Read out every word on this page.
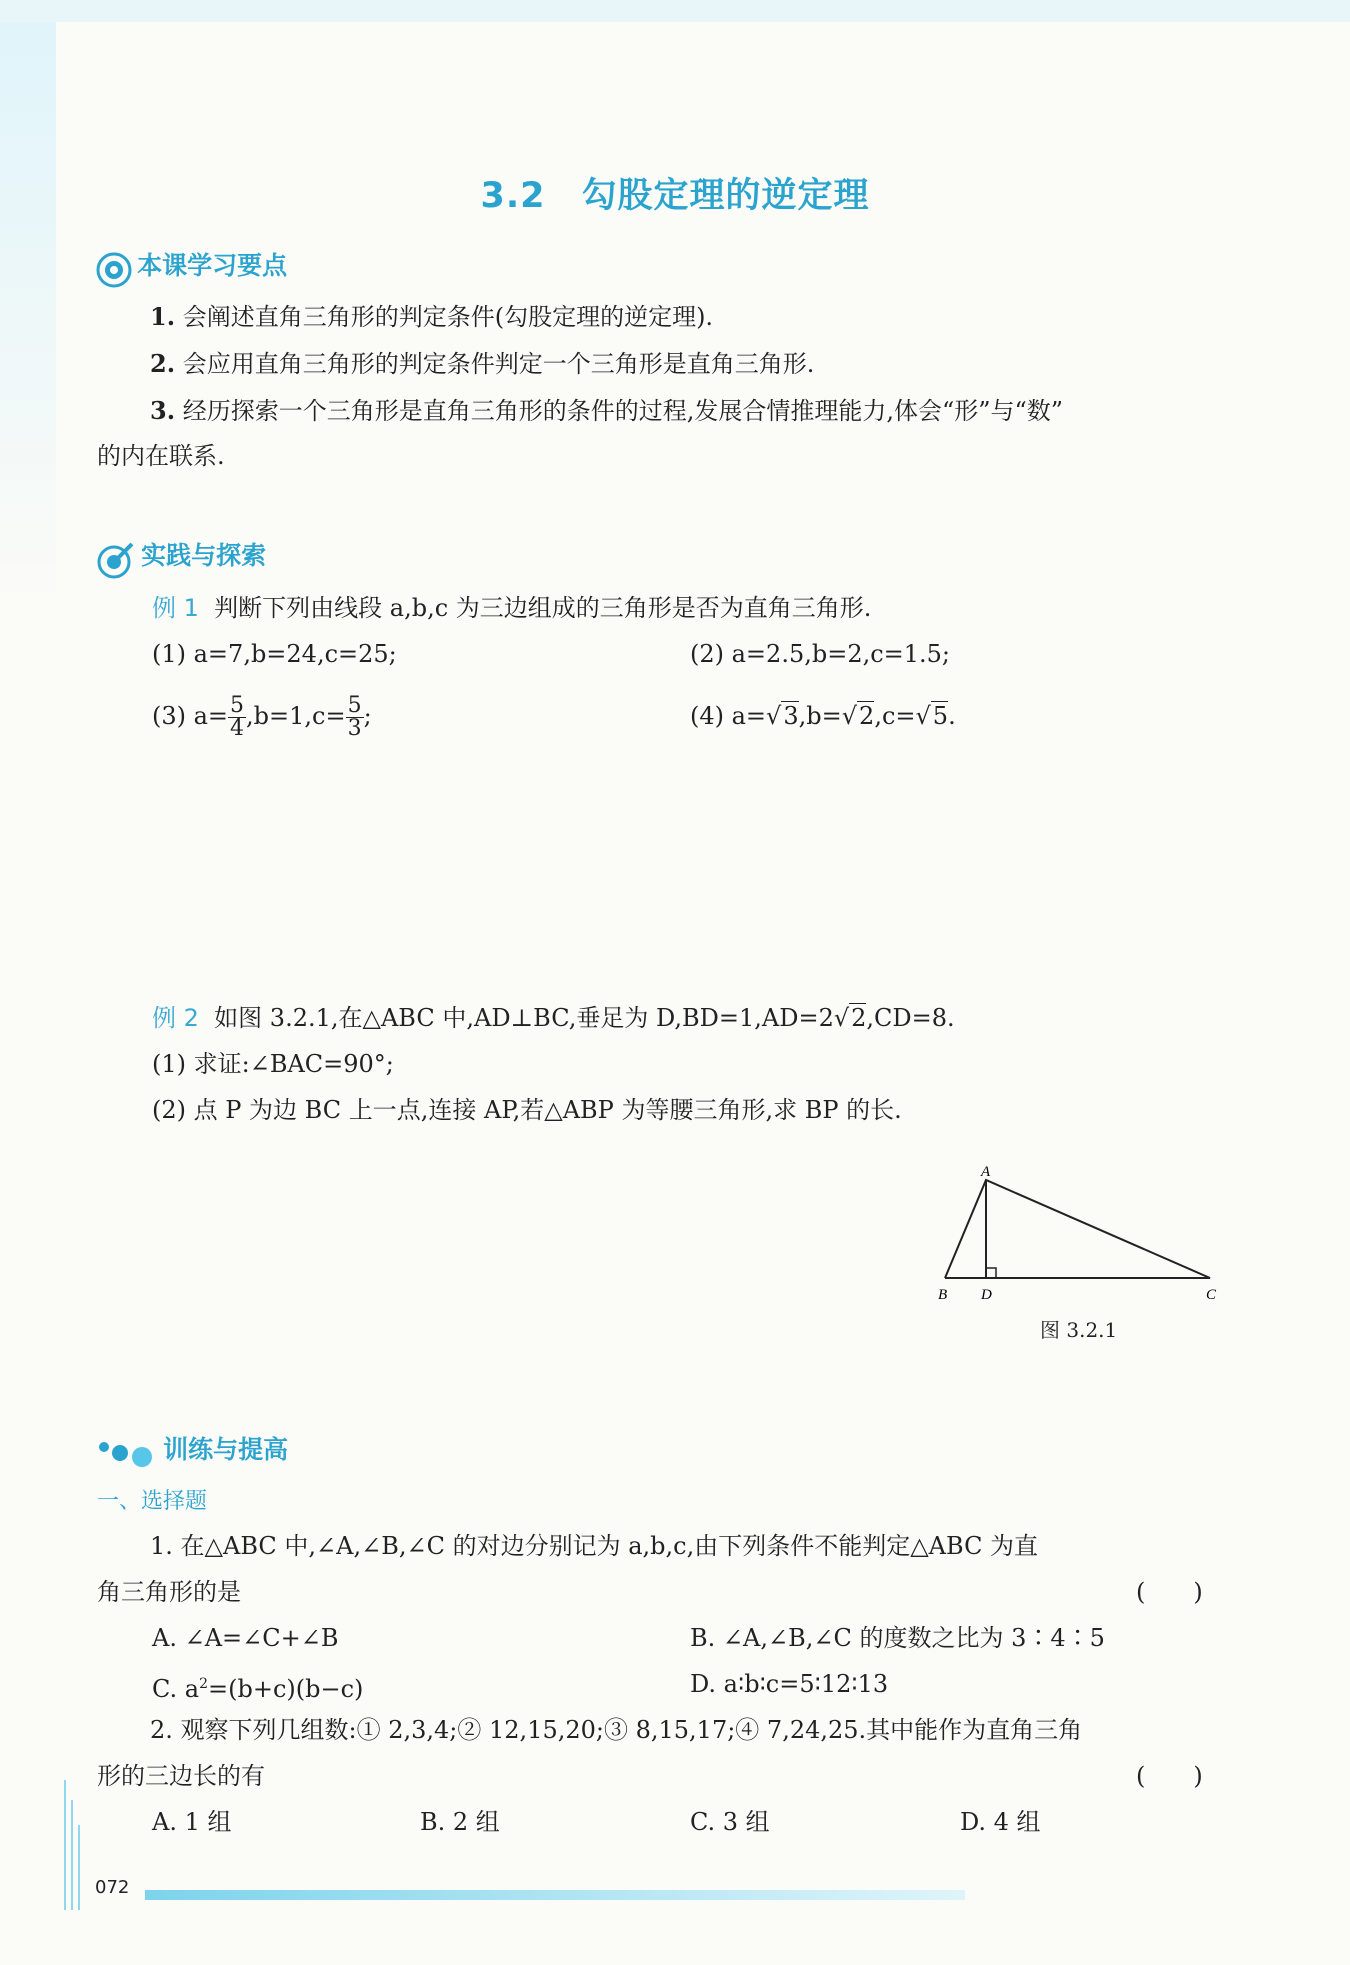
3.2 勾股定理的逆定理
本课学习要点
1. 会阐述直角三角形的判定条件(勾股定理的逆定理).
2. 会应用直角三角形的判定条件判定一个三角形是直角三角形.
3. 经历探索一个三角形是直角三角形的条件的过程,发展合情推理能力,体会“形”与“数”
的内在联系.
实践与探索
例 1 判断下列由线段 a,b,c 为三边组成的三角形是否为直角三角形.
(1) a=7,b=24,c=25;	(2) a=2.5,b=2,c=1.5;
(3) $a= \frac{5}{4} ,b=1,c= \frac{5}{3}$ ;	(4) a=√3,b=√2,c=√5.
例 2 如图 3.2.1,在△ABC 中,AD⊥BC,垂足为 D,BD=1,AD=2√2,CD=8.
(1) 求证:∠BAC=90°;
(2) 点 P 为边 BC 上一点,连接 AP,若△ABP 为等腰三角形,求 BP 的长.
A
B D	C
图 3.2.1
训练与提高
一、选择题
1. 在△ABC 中,∠A,∠B,∠C 的对边分别记为 a,b,c,由下列条件不能判定△ABC 为直
角三角形的是	(　　)
A. ∠A=∠C+∠B	B. ∠A,∠B,∠C 的度数之比为 3∶4∶5
C. $a^2=(b+c)(b-c)$	D. a∶b∶c=5∶12∶13
2. 观察下列几组数:① 2,3,4;② 12,15,20;③ 8,15,17;④ 7,24,25.其中能作为直角三角
形的三边长的有	(　　)
A. 1 组	B. 2 组	C. 3 组	D. 4 组
072
